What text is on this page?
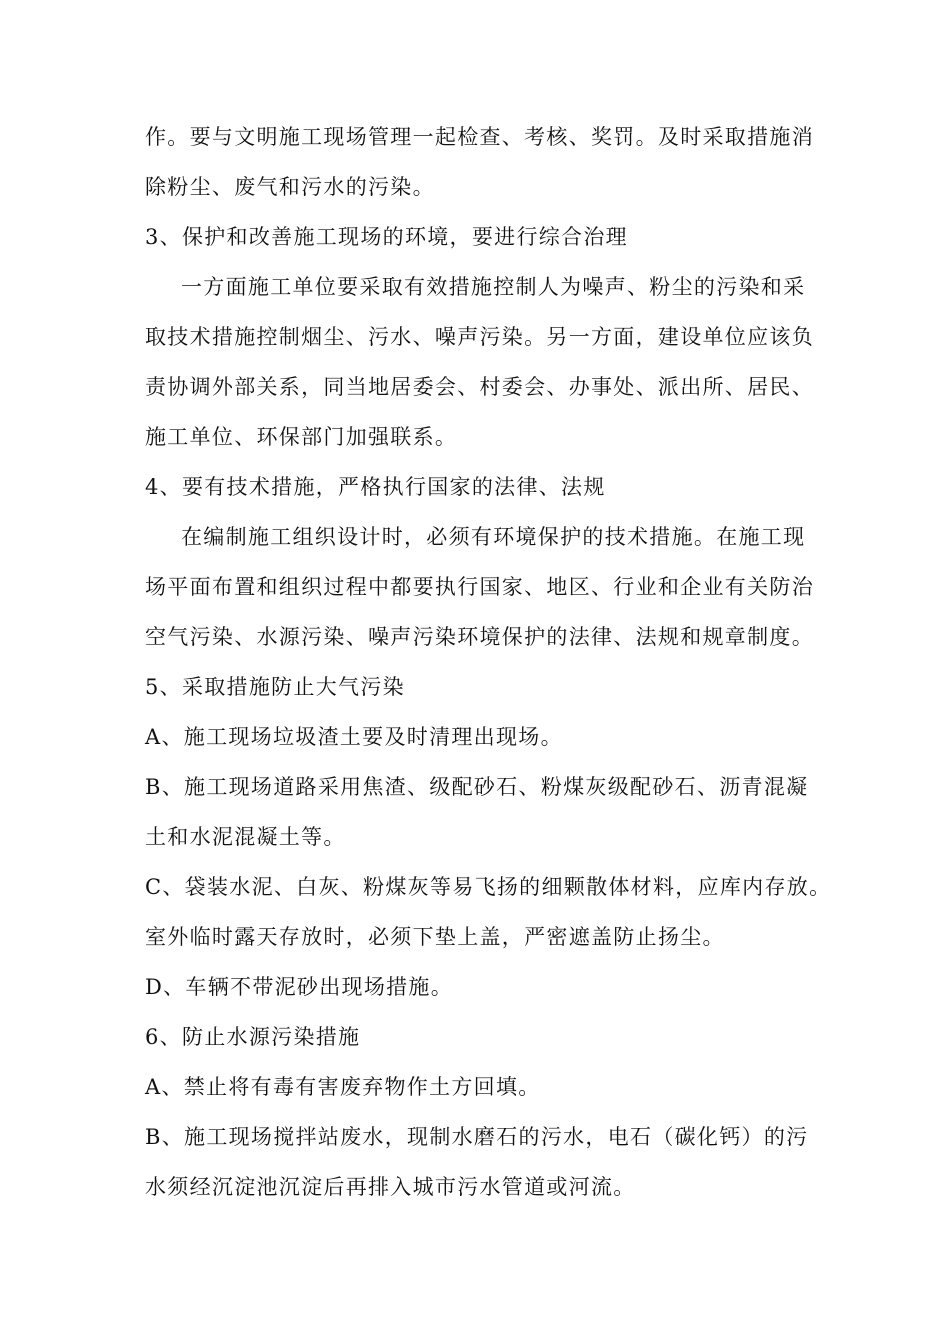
作。要与文明施工现场管理一起检查、考核、奖罚。及时采取措施消
除粉尘、废气和污水的污染。
3、保护和改善施工现场的环境，要进行综合治理
一方面施工单位要采取有效措施控制人为噪声、粉尘的污染和采
取技术措施控制烟尘、污水、噪声污染。另一方面，建设单位应该负
责协调外部关系，同当地居委会、村委会、办事处、派出所、居民、
施工单位、环保部门加强联系。
4、要有技术措施，严格执行国家的法律、法规
在编制施工组织设计时，必须有环境保护的技术措施。在施工现
场平面布置和组织过程中都要执行国家、地区、行业和企业有关防治
空气污染、水源污染、噪声污染环境保护的法律、法规和规章制度。
5、采取措施防止大气污染
A、施工现场垃圾渣土要及时清理出现场。
B、施工现场道路采用焦渣、级配砂石、粉煤灰级配砂石、沥青混凝
土和水泥混凝土等。
C、袋装水泥、白灰、粉煤灰等易飞扬的细颗散体材料，应库内存放。
室外临时露天存放时，必须下垫上盖，严密遮盖防止扬尘。
D、车辆不带泥砂出现场措施。
6、防止水源污染措施
A、禁止将有毒有害废弃物作土方回填。
B、施工现场搅拌站废水，现制水磨石的污水，电石（碳化钙）的污
水须经沉淀池沉淀后再排入城市污水管道或河流。
